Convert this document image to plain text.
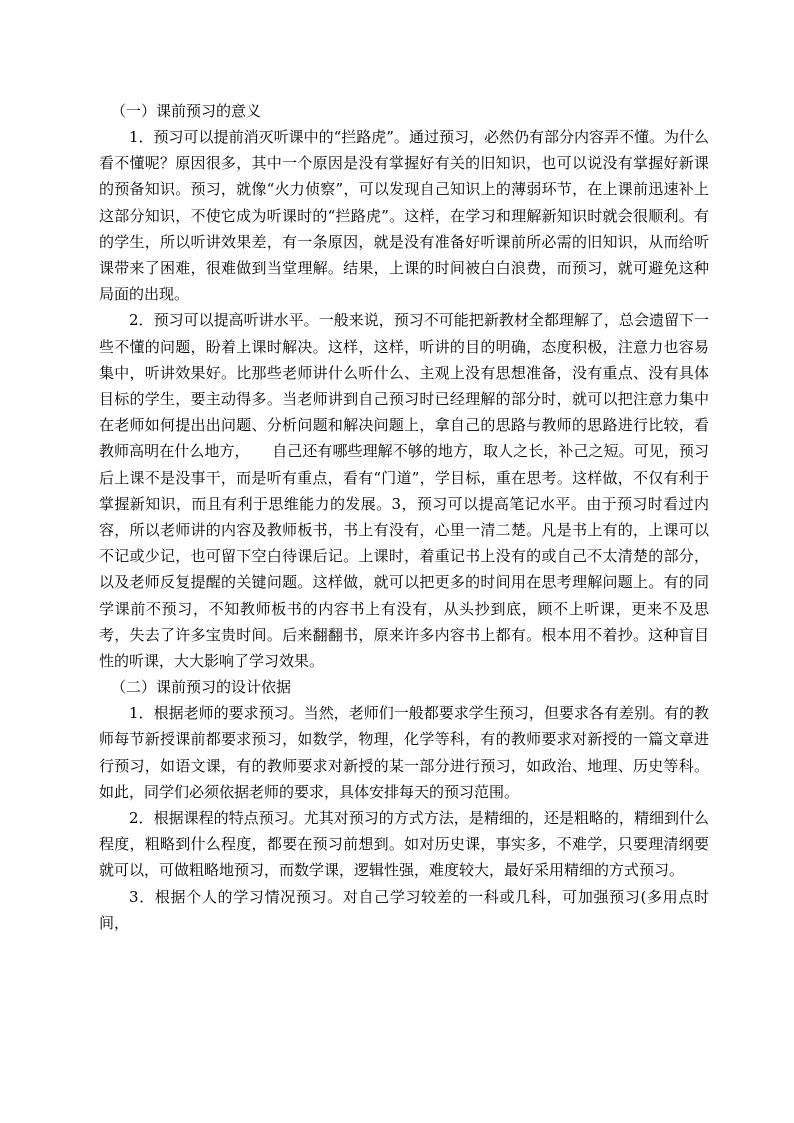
（一）课前预习的意义

1．预习可以提前消灭听课中的“拦路虎”。通过预习，必然仍有部分内容弄不懂。为什么看不懂呢？原因很多，其中一个原因是没有掌握好有关的旧知识，也可以说没有掌握好新课的预备知识。预习，就像“火力侦察”，可以发现自己知识上的薄弱环节，在上课前迅速补上这部分知识，不使它成为听课时的“拦路虎”。这样，在学习和理解新知识时就会很顺利。有的学生，所以听讲效果差，有一条原因，就是没有准备好听课前所必需的旧知识，从而给听课带来了困难，很难做到当堂理解。结果，上课的时间被白白浪费，而预习，就可避免这种局面的出现。

2．预习可以提高听讲水平。一般来说，预习不可能把新教材全都理解了，总会遗留下一些不懂的问题，盼着上课时解决。这样，这样，听讲的目的明确，态度积极，注意力也容易集中，听讲效果好。比那些老师讲什么听什么、主观上没有思想准备，没有重点、没有具体目标的学生，要主动得多。当老师讲到自己预习时已经理解的部分时，就可以把注意力集中在老师如何提出出问题、分析问题和解决问题上，拿自己的思路与教师的思路进行比较，看教师高明在什么地方，　　自己还有哪些理解不够的地方，取人之长，补己之短。可见，预习后上课不是没事干，而是听有重点，看有“门道”，学目标，重在思考。这样做，不仅有利于掌握新知识，而且有利于思维能力的发展。3，预习可以提高笔记水平。由于预习时看过内容，所以老师讲的内容及教师板书，书上有没有，心里一清二楚。凡是书上有的，上课可以不记或少记，也可留下空白待课后记。上课时，着重记书上没有的或自己不太清楚的部分，以及老师反复提醒的关键问题。这样做，就可以把更多的时间用在思考理解问题上。有的同学课前不预习，不知教师板书的内容书上有没有，从头抄到底，顾不上听课，更来不及思考，失去了许多宝贵时间。后来翻翻书，原来许多内容书上都有。根本用不着抄。这种盲目性的听课，大大影响了学习效果。

（二）课前预习的设计依据

1．根据老师的要求预习。当然，老师们一般都要求学生预习，但要求各有差别。有的教师每节新授课前都要求预习，如数学，物理，化学等科，有的教师要求对新授的一篇文章进行预习，如语文课，有的教师要求对新授的某一部分进行预习，如政治、地理、历史等科。如此，同学们必须依据老师的要求，具体安排每天的预习范围。

2．根据课程的特点预习。尤其对预习的方式方法，是精细的，还是粗略的，精细到什么程度，粗略到什么程度，都要在预习前想到。如对历史课，事实多，不难学，只要理清纲要就可以，可做粗略地预习，而数学课，逻辑性强，难度较大，最好采用精细的方式预习。

3．根据个人的学习情况预习。对自己学习较差的一科或几科，可加强预习(多用点时间，
